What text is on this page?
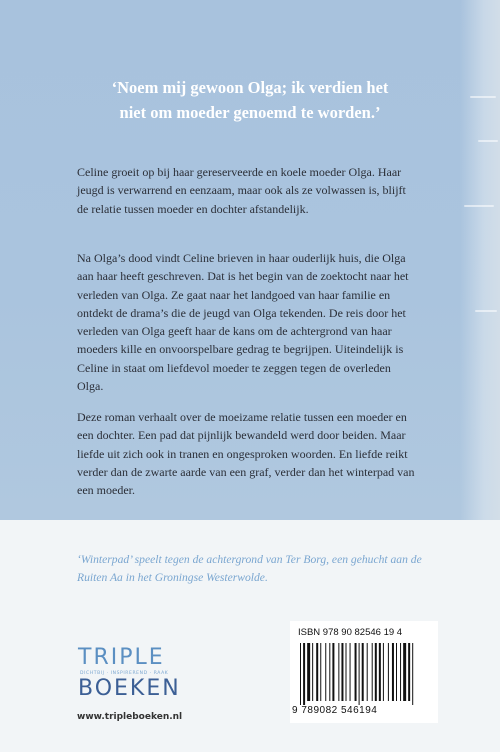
‘Noem mij gewoon Olga; ik verdien het
niet om moeder genoemd te worden.’

Celine groeit op bij haar gereserveerde en koele moeder Olga. Haar jeugd is verwarrend en eenzaam, maar ook als ze volwassen is, blijft de relatie tussen moeder en dochter afstandelijk.

Na Olga’s dood vindt Celine brieven in haar ouderlijk huis, die Olga aan haar heeft geschreven. Dat is het begin van de zoektocht naar het verleden van Olga. Ze gaat naar het landgoed van haar familie en ontdekt de drama’s die de jeugd van Olga tekenden. De reis door het verleden van Olga geeft haar de kans om de achtergrond van haar moeders kille en onvoorspelbare gedrag te begrijpen. Uiteindelijk is Celine in staat om liefdevol moeder te zeggen tegen de overleden Olga.

Deze roman verhaalt over de moeizame relatie tussen een moeder en een dochter. Een pad dat pijnlijk bewandeld werd door beiden. Maar liefde uit zich ook in tranen en ongesproken woorden. En liefde reikt verder dan de zwarte aarde van een graf, verder dan het winterpad van een moeder.

‘Winterpad’ speelt tegen de achtergrond van Ter Borg, een gehucht aan de Ruiten Aa in het Groningse Westerwolde.

TRIPLE
DICHTBIJ · INSPIREREND · RAAK
BOEKEN
www.tripleboeken.nl
ISBN 978 90 82546 19 4
9 789082 546194
